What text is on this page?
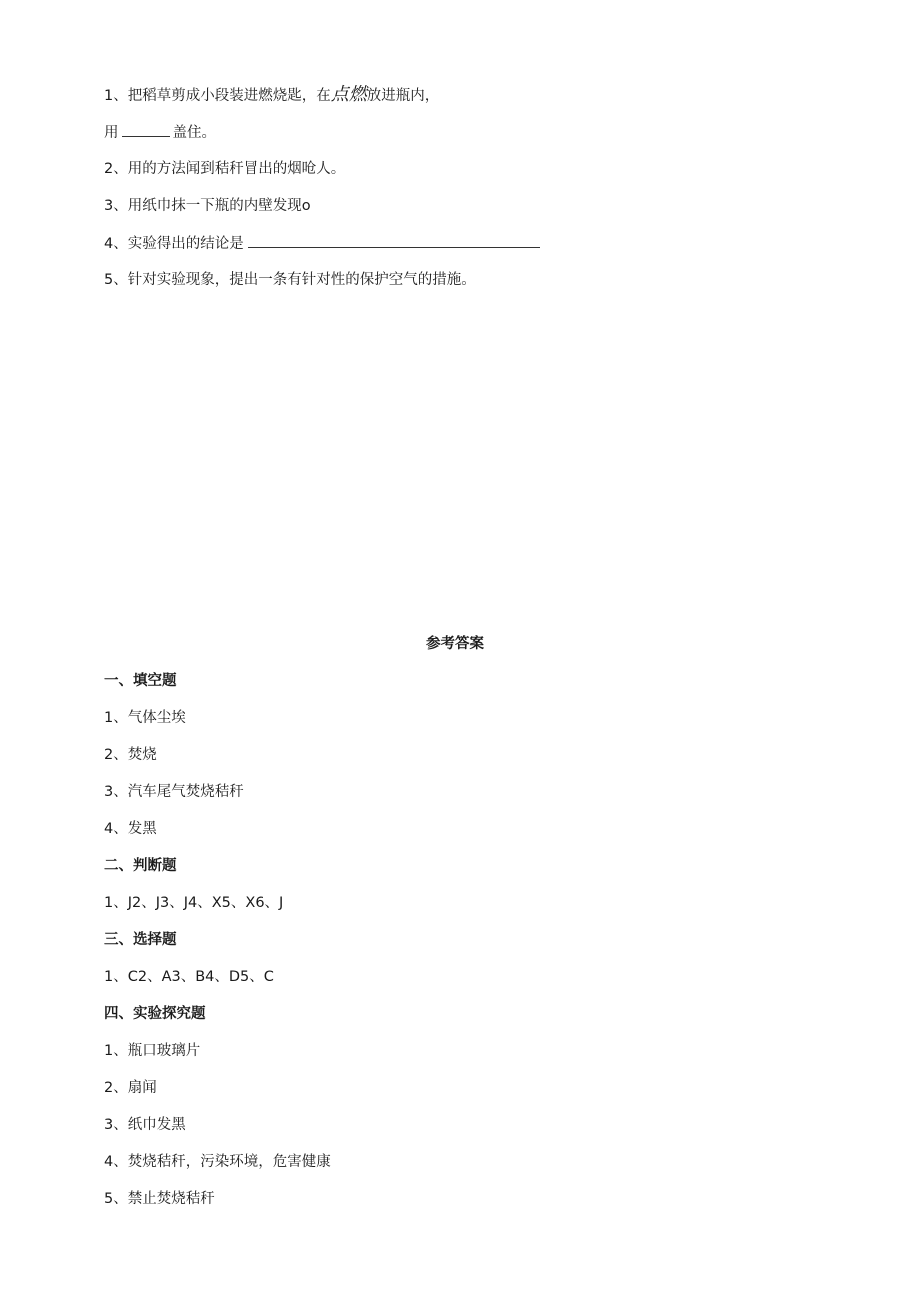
1、把稻草剪成小段装进燃烧匙，在点燃放进瓶内，
用	盖住。
2、用的方法闻到秸秆冒出的烟呛人。
3、用纸巾抹一下瓶的内壁发现o
4、实验得出的结论是
5、针对实验现象，提出一条有针对性的保护空气的措施。
参考答案
一、填空题
1、气体尘埃
2、焚烧
3、汽车尾气焚烧秸秆
4、发黑
二、判断题
1、J2、J3、J4、X5、X6、J
三、选择题
1、C2、A3、B4、D5、C
四、实验探究题
1、瓶口玻璃片
2、扇闻
3、纸巾发黑
4、焚烧秸秆，污染环境，危害健康
5、禁止焚烧秸秆
